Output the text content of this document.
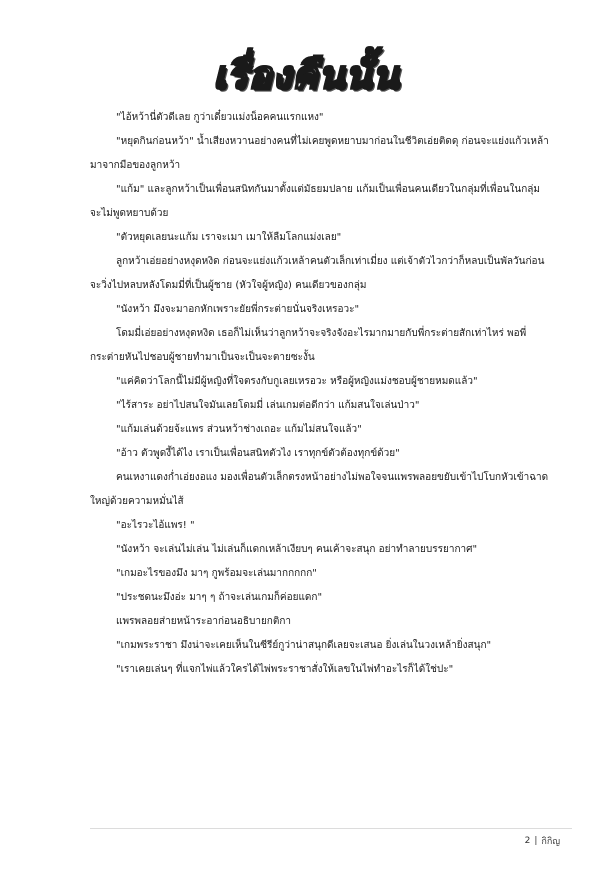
เรื่องคืนนั้น

"ไอ้หว้านี่ตัวดีเลย กูว่าเดี๋ยวแม่งน็อคคนแรกแหง"

"หยุดกินก่อนหว้า" น้ำเสียงหวานอย่างคนที่ไม่เคยพูดหยาบมาก่อนในชีวิตเอ่ยติดดุ ก่อนจะแย่งแก้วเหล้ามาจากมือของลูกหว้า

"แก้ม" และลูกหว้าเป็นเพื่อนสนิทกันมาตั้งแต่มัธยมปลาย แก้มเป็นเพื่อนคนเดียวในกลุ่มที่เพื่อนในกลุ่มจะไม่พูดหยาบด้วย

"ตัวหยุดเลยนะแก้ม เราจะเมา เมาให้ลืมโลกแม่งเลย"

ลูกหว้าเอ่ยอย่างหงุดหงิด ก่อนจะแย่งแก้วเหล้าคนตัวเล็กเท่าเมี่ยง แต่เจ้าตัวไวกว่าก็หลบเป็นพัลวันก่อนจะวิ่งไปหลบหลังโดมมี่ที่เป็นผู้ชาย (หัวใจผู้หญิง) คนเดียวของกลุ่ม

"นังหว้า มึงจะมาอกหักเพราะยัยพี่กระต่ายนั่นจริงเหรอวะ"

โดมมี่เอ่ยอย่างหงุดหงิด เธอก็ไม่เห็นว่าลูกหว้าจะจริงจังอะไรมากมายกับพี่กระต่ายสักเท่าไหร่ พอพี่กระต่ายหันไปชอบผู้ชายทำมาเป็นจะเป็นจะตายซะงั้น

"แค่คิดว่าโลกนี้ไม่มีผู้หญิงที่ใจตรงกับกูเลยเหรอวะ หรือผู้หญิงแม่งชอบผู้ชายหมดแล้ว"

"ไร้สาระ อย่าไปสนใจมันเลยโดมมี่ เล่นเกมต่อดีกว่า แก้มสนใจเล่นป่าว"

"แก้มเล่นด้วยจ้ะแพร ส่วนหว้าช่างเถอะ แก้มไม่สนใจแล้ว"

"อ้าว ตัวพูดงี้ได้ไง เราเป็นเพื่อนสนิทตัวไง เราทุกข์ตัวต้องทุกข์ด้วย"

คนเหงาแดงก่ำเอ่ยงอแง มองเพื่อนตัวเล็กตรงหน้าอย่างไม่พอใจจนแพรพลอยขยับเข้าไปโบกหัวเข้าฉาดใหญ่ด้วยความหมั่นไส้

"อะไรวะไอ้แพร! "

"นังหว้า จะเล่นไม่เล่น ไม่เล่นก็แดกเหล้าเงียบๆ คนเค้าจะสนุก อย่าทำลายบรรยากาศ"

"เกมอะไรของมึง มาๆ กูพร้อมจะเล่นมากกกกก"

"ประชดนะมึงอ่ะ มาๆ ๆ ถ้าจะเล่นเกมก็ค่อยแดก"

แพรพลอยส่ายหน้าระอาก่อนอธิบายกติกา

"เกมพระราชา มึงน่าจะเคยเห็นในซีรีย์กูว่าน่าสนุกดีเลยจะเสนอ ยิ่งเล่นในวงเหล้ายิ่งสนุก"

"เราเคยเล่นๆ ที่แจกไพ่แล้วใครได้ไพ่พระราชาสั่งให้เลขในไพ่ทำอะไรก็ได้ใช่ปะ"

2 | กิกิญ
